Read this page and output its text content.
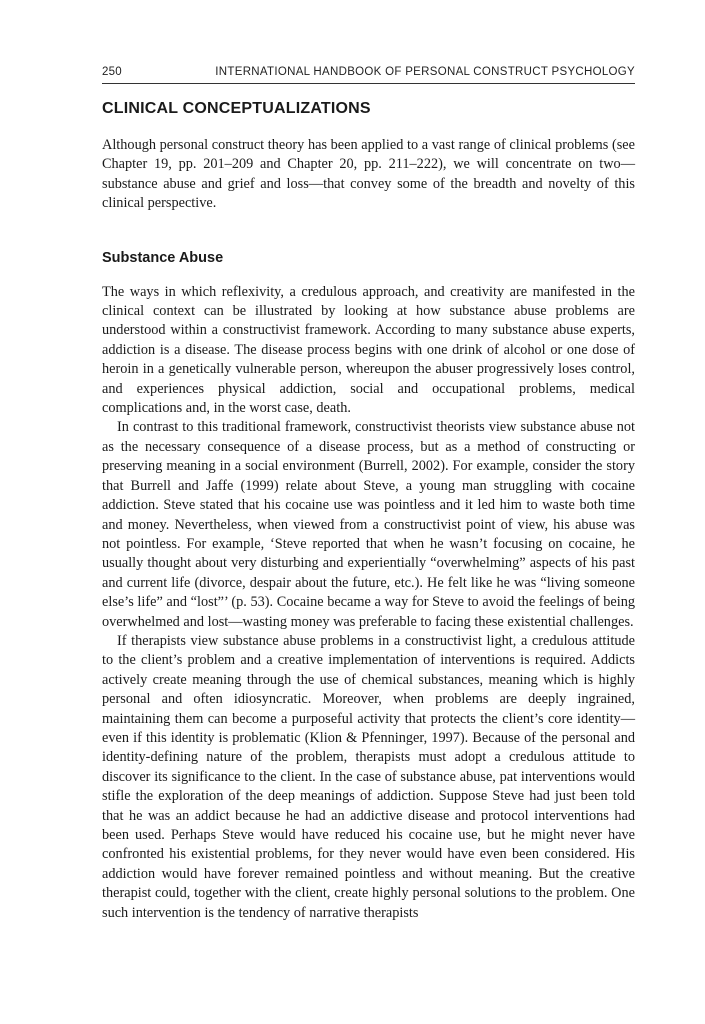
250	INTERNATIONAL HANDBOOK OF PERSONAL CONSTRUCT PSYCHOLOGY
CLINICAL CONCEPTUALIZATIONS

Although personal construct theory has been applied to a vast range of clinical problems (see Chapter 19, pp. 201–209 and Chapter 20, pp. 211–222), we will concentrate on two—substance abuse and grief and loss—that convey some of the breadth and novelty of this clinical perspective.

Substance Abuse

The ways in which reflexivity, a credulous approach, and creativity are manifested in the clinical context can be illustrated by looking at how substance abuse problems are understood within a constructivist framework. According to many substance abuse experts, addiction is a disease. The disease process begins with one drink of alcohol or one dose of heroin in a genetically vulnerable person, whereupon the abuser progressively loses control, and experiences physical addiction, social and occupational problems, medical complications and, in the worst case, death.

In contrast to this traditional framework, constructivist theorists view substance abuse not as the necessary consequence of a disease process, but as a method of constructing or preserving meaning in a social environment (Burrell, 2002). For example, consider the story that Burrell and Jaffe (1999) relate about Steve, a young man struggling with cocaine addiction. Steve stated that his cocaine use was pointless and it led him to waste both time and money. Nevertheless, when viewed from a constructivist point of view, his abuse was not pointless. For example, ‘Steve reported that when he wasn’t focusing on cocaine, he usually thought about very disturbing and experientially “overwhelming” aspects of his past and current life (divorce, despair about the future, etc.). He felt like he was “living someone else’s life” and “lost”’ (p. 53). Cocaine became a way for Steve to avoid the feelings of being overwhelmed and lost—wasting money was preferable to facing these existential challenges.

If therapists view substance abuse problems in a constructivist light, a credulous attitude to the client’s problem and a creative implementation of interventions is required. Addicts actively create meaning through the use of chemical substances, meaning which is highly personal and often idiosyncratic. Moreover, when problems are deeply ingrained, maintaining them can become a purposeful activity that protects the client’s core identity—even if this identity is problematic (Klion & Pfenninger, 1997). Because of the personal and identity-defining nature of the problem, therapists must adopt a credulous attitude to discover its significance to the client. In the case of substance abuse, pat interventions would stifle the exploration of the deep meanings of addiction. Suppose Steve had just been told that he was an addict because he had an addictive disease and protocol interventions had been used. Perhaps Steve would have reduced his cocaine use, but he might never have confronted his existential problems, for they never would have even been considered. His addiction would have forever remained pointless and without meaning. But the creative therapist could, together with the client, create highly personal solutions to the problem. One such intervention is the tendency of narrative therapists
